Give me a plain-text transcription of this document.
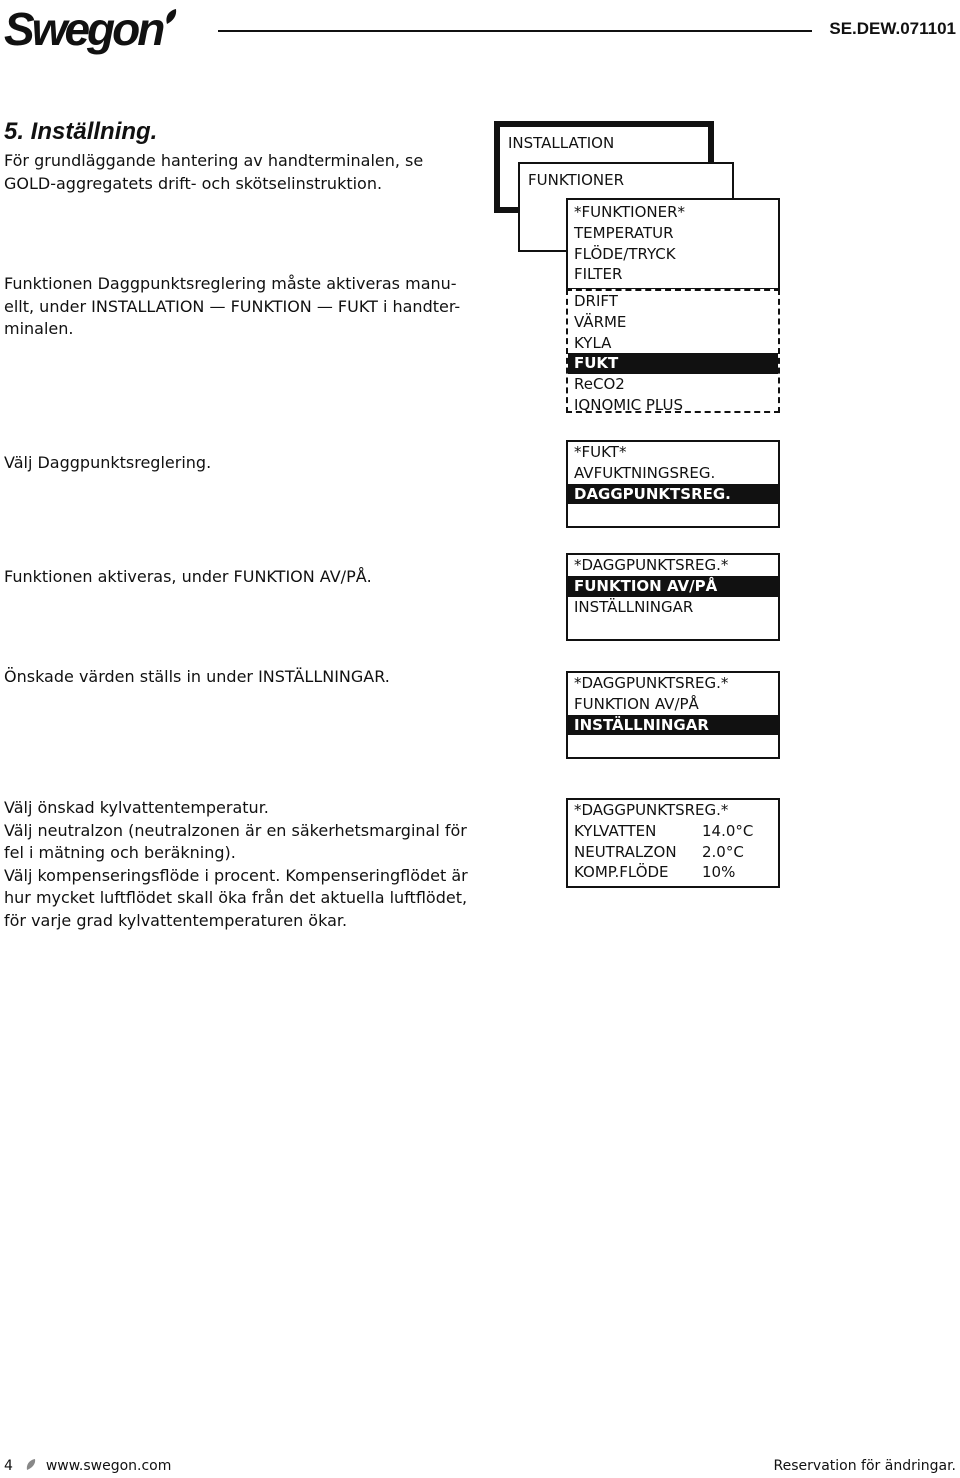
Swegon	SE.DEW.071101
5. Inställning.
För grundläggande hantering av handterminalen, se GOLD-aggregatets drift- och skötselinstruktion.
Funktionen Daggpunktsreglering måste aktiveras manu-
ellt, under INSTALLATION — FUNKTION — FUKT i handter-
minalen.
Välj Daggpunktsreglering.
Funktionen aktiveras, under FUNKTION AV/PÅ.
Önskade värden ställs in under INSTÄLLNINGAR.
Välj önskad kylvattentemperatur.
Välj neutralzon (neutralzonen är en säkerhetsmarginal för
fel i mätning och beräkning).
Välj kompenseringsflöde i procent. Kompenseringflödet är
hur mycket luftflödet skall öka från det aktuella luftflödet,
för varje grad kylvattentemperaturen ökar.
INSTALLATION
FUNKTIONER
*FUNKTIONER*
TEMPERATUR
FLÖDE/TRYCK
FILTER
DRIFT
VÄRME
KYLA
FUKT
ReCO2
IQNOMIC PLUS
*FUKT*
AVFUKTNINGSREG.
DAGGPUNKTSREG.
*DAGGPUNKTSREG.*
FUNKTION AV/PÅ
INSTÄLLNINGAR
*DAGGPUNKTSREG.*
FUNKTION AV/PÅ
INSTÄLLNINGAR
*DAGGPUNKTSREG.*
KYLVATTEN	14.0°C
NEUTRALZON 2.0°C
KOMP.FLÖDE 10%
4 www.swegon.com	Reservation för ändringar.
